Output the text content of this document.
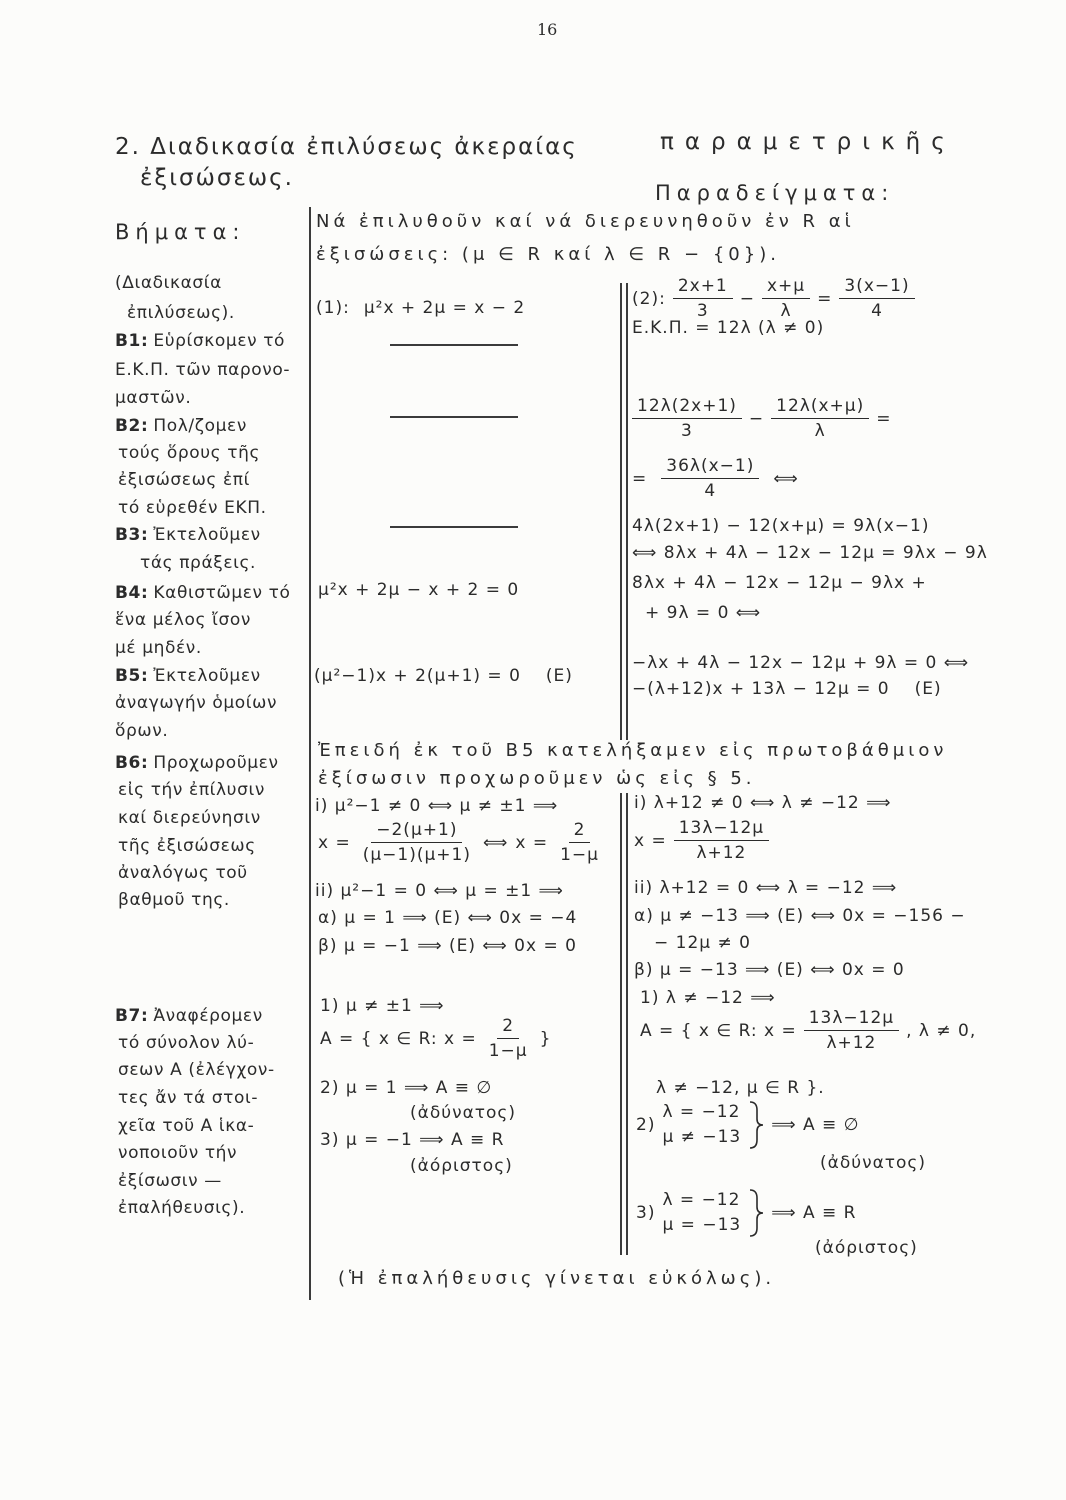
16
2. Διαδικασία ἐπιλύσεως ἀκεραίας	παραμετρικῆς
ἐξισώσεως.
Παραδείγματα:
Βήματα:	Νά ἐπιλυθοῦν καί νά διερευνηθοῦν ἐν R αἱ
ἐξισώσεις: (μ ∈ R καί λ ∈ R − {0}).
(Διαδικασία
ἐπιλύσεως).
Β1: Εὑρίσκομεν τό
Ε.Κ.Π. τῶν παρονο-
μαστῶν.
Β2: Πολ/ζομεν
τούς ὅρους τῆς
ἐξισώσεως ἐπί
τό εὑρεθέν ΕΚΠ.
Β3: Ἐκτελοῦμεν
τάς πράξεις.
Β4: Καθιστῶμεν τό
ἕνα μέλος ἴσον
μέ μηδέν.
Β5: Ἐκτελοῦμεν
ἀναγωγήν ὁμοίων
ὅρων.
Β6: Προχωροῦμεν
εἰς τήν ἐπίλυσιν
καί διερεύνησιν
τῆς ἐξισώσεως
ἀναλόγως τοῦ
βαθμοῦ της.
Β7: Ἀναφέρομεν
τό σύνολον λύ-
σεων A (ἐλέγχον-
τες ἄν τά στοι-
χεῖα τοῦ A ἱκα-
νοποιοῦν τήν
ἐξίσωσιν —
ἐπαλήθευσις).
(1): μ²x + 2μ = x − 2
μ²x + 2μ − x + 2 = 0
(μ²−1)x + 2(μ+1) = 0 (E)
(2): $\frac{2x+1}{3} - \frac{x+\mu}{\lambda} = \frac{3(x-1)}{4}$
Ε.Κ.Π. = 12λ (λ ≠ 0)
$\frac{12\lambda(2x+1)}{3} - \frac{12\lambda(x+\mu)}{\lambda}$ =
= $\frac{36\lambda(x-1)}{4}$ ⟺
4λ(2x+1) − 12(x+μ) = 9λ(x−1)
⟺ 8λx + 4λ − 12x − 12μ = 9λx − 9λ
8λx + 4λ − 12x − 12μ − 9λx +
+ 9λ = 0 ⟺
−λx + 4λ − 12x − 12μ + 9λ = 0 ⟺
−(λ+12)x + 13λ − 12μ = 0 (E)
Ἐπειδή ἐκ τοῦ Β5 κατελήξαμεν εἰς πρωτοβάθμιον
ἐξίσωσιν προχωροῦμεν ὡς εἰς § 5.
i) μ²−1 ≠ 0 ⟺ μ ≠ ±1 ⟹
$x = \frac{-2(\mu+1)}{(\mu-1)(\mu+1)}$ ⟺ $x = \frac{2}{1-\mu}$
ii) μ²−1 = 0 ⟺ μ = ±1 ⟹
α) μ = 1 ⟹ (E) ⟺ 0x = −4
β) μ = −1 ⟹ (E) ⟺ 0x = 0
1) μ ≠ ±1 ⟹
A = { x ∈ R: $x = \frac{2}{1-\mu}$ }
2) μ = 1 ⟹ A ≡ ∅
(ἀδύνατος)
3) μ = −1 ⟹ A ≡ R
(ἀόριστος)
i) λ+12 ≠ 0 ⟺ λ ≠ −12 ⟹
$x = \frac{13\lambda-12\mu}{\lambda+12}$
ii) λ+12 = 0 ⟺ λ = −12 ⟹
α) μ ≠ −13 ⟹ (E) ⟺ 0x = −156 −
− 12μ ≠ 0
β) μ = −13 ⟹ (E) ⟺ 0x = 0
1) λ ≠ −12 ⟹
A = { x ∈ R: $x = \frac{13\lambda-12\mu}{\lambda+12}$ , λ ≠ 0,
λ ≠ −12, μ ∈ R }.
2)
λ = −12
μ ≠ −13
⟹ A ≡ ∅
(ἀδύνατος)
3)
λ = −12
μ = −13
⟹ A ≡ R
(ἀόριστος)
(Ἡ ἐπαλήθευσις γίνεται εὐκόλως).
